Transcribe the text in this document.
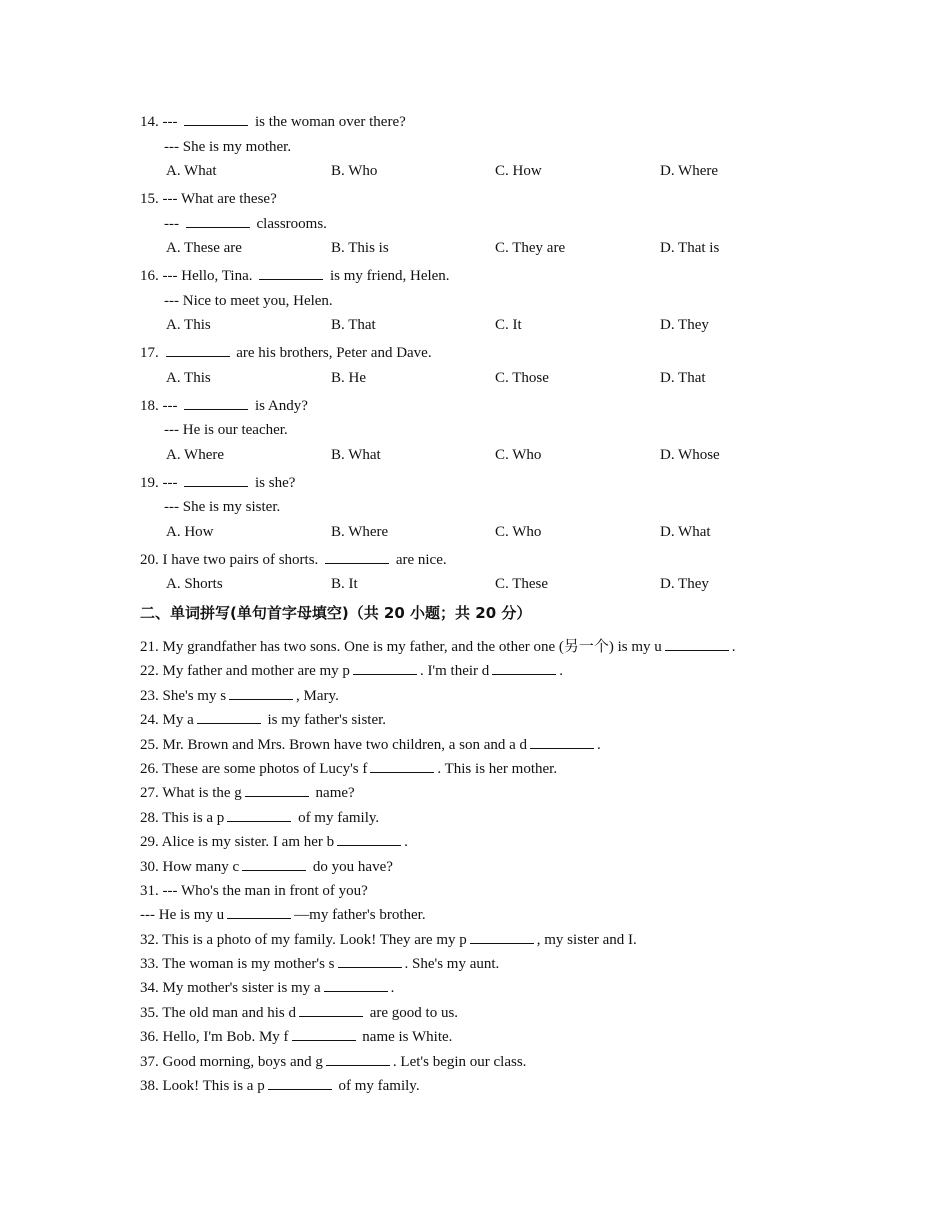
14. ---	is the woman over there?
--- She is my mother.
A. What	B. Who	C. How	D. Where
15. --- What are these?
---	classrooms.
A. These are	B. This is	C. They are	D. That is
16. --- Hello, Tina.	is my friend, Helen.
--- Nice to meet you, Helen.
A. This	B. That	C. It	D. They
17.	are his brothers, Peter and Dave.
A. This	B. He	C. Those	D. That
18. ---	is Andy?
--- He is our teacher.
A. Where	B. What	C. Who	D. Whose
19. ---	is she?
--- She is my sister.
A. How	B. Where	C. Who	D. What
20. I have two pairs of shorts.	are nice.
A. Shorts	B. It	C. These	D. They
二、单词拼写(单句首字母填空)（共 20 小题；共 20 分）
21. My grandfather has two sons. One is my father, and the other one (另一个) is my u	.
22. My father and mother are my p	. I'm their d	.
23. She's my s	, Mary.
24. My a	is my father's sister.
25. Mr. Brown and Mrs. Brown have two children, a son and a d	.
26. These are some photos of Lucy's f	. This is her mother.
27. What is the g	name?
28. This is a p	of my family.
29. Alice is my sister. I am her b	.
30. How many c	do you have?
31. --- Who's the man in front of you?
--- He is my u	—my father's brother.
32. This is a photo of my family. Look! They are my p	, my sister and I.
33. The woman is my mother's s	. She's my aunt.
34. My mother's sister is my a	.
35. The old man and his d	are good to us.
36. Hello, I'm Bob. My f	name is White.
37. Good morning, boys and g	. Let's begin our class.
38. Look! This is a p	of my family.
